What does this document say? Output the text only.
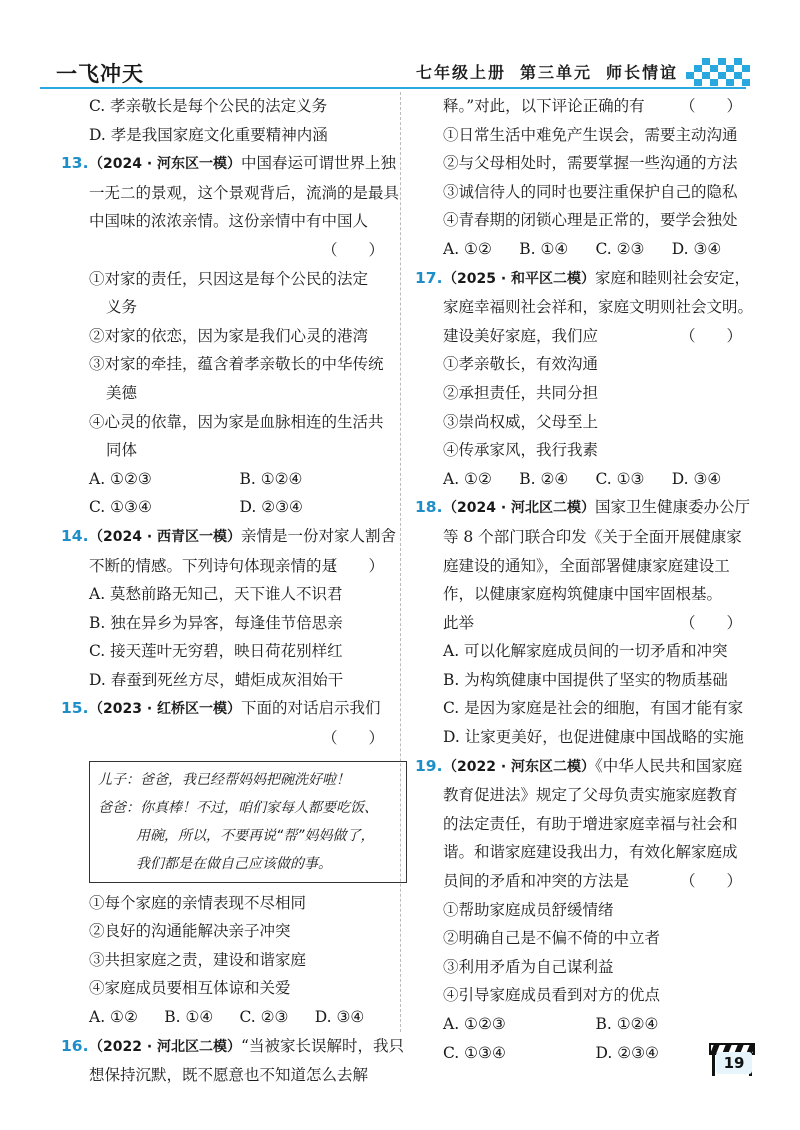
一飞冲天	七年级上册 第三单元 师长情谊
C. 孝亲敬长是每个公民的法定义务
D. 孝是我国家庭文化重要精神内涵
13.（2024 · 河东区一模）中国春运可谓世界上独
一无二的景观，这个景观背后，流淌的是最具
中国味的浓浓亲情。这份亲情中有中国人

（　　）
①对家的责任，只因这是每个公民的法定
义务
②对家的依恋，因为家是我们心灵的港湾
③对家的牵挂，蕴含着孝亲敬长的中华传统
美德
④心灵的依靠，因为家是血脉相连的生活共
同体
A. ①②③	B. ①②④
C. ①③④	D. ②③④
14.（2024 · 西青区一模）亲情是一份对家人割舍
不断的情感。下列诗句体现亲情的是
（　　）
A. 莫愁前路无知己，天下谁人不识君
B. 独在异乡为异客，每逢佳节倍思亲
C. 接天莲叶无穷碧，映日荷花别样红
D. 春蚕到死丝方尽，蜡炬成灰泪始干
15.（2023 · 红桥区一模）下面的对话启示我们

（　　）
儿子：爸爸，我已经帮妈妈把碗洗好啦！
爸爸：你真棒！不过，咱们家每人都要吃饭、
用碗，所以，不要再说“帮”妈妈做了，
我们都是在做自己应该做的事。
①每个家庭的亲情表现不尽相同
②良好的沟通能解决亲子冲突
③共担家庭之责，建设和谐家庭
④家庭成员要相互体谅和关爱
A. ①②	B. ①④	C. ②③	D. ③④
16.（2022 · 河北区二模）“当被家长误解时，我只
想保持沉默，既不愿意也不知道怎么去解
释。”对此，以下评论正确的有 （　　）
①日常生活中难免产生误会，需要主动沟通
②与父母相处时，需要掌握一些沟通的方法
③诚信待人的同时也要注重保护自己的隐私
④青春期的闭锁心理是正常的，要学会独处
A. ①②	B. ①④	C. ②③	D. ③④
17.（2025 · 和平区二模）家庭和睦则社会安定，
家庭幸福则社会祥和，家庭文明则社会文明。
建设美好家庭，我们应	（　　）
①孝亲敬长，有效沟通
②承担责任，共同分担
③崇尚权威，父母至上
④传承家风，我行我素
A. ①②	B. ②④	C. ①③	D. ③④
18.（2024 · 河北区二模）国家卫生健康委办公厅
等 8 个部门联合印发《关于全面开展健康家
庭建设的通知》，全面部署健康家庭建设工
作，以健康家庭构筑健康中国牢固根基。
此举	（　　）
A. 可以化解家庭成员间的一切矛盾和冲突
B. 为构筑健康中国提供了坚实的物质基础
C. 是因为家庭是社会的细胞，有国才能有家
D. 让家更美好，也促进健康中国战略的实施
19.（2022 · 河东区二模）《中华人民共和国家庭
教育促进法》规定了父母负责实施家庭教育
的法定责任，有助于增进家庭幸福与社会和
谐。和谐家庭建设我出力，有效化解家庭成
员间的矛盾和冲突的方法是	（　　）
①帮助家庭成员舒缓情绪
②明确自己是不偏不倚的中立者
③利用矛盾为自己谋利益
④引导家庭成员看到对方的优点
A. ①②③	B. ①②④
C. ①③④	D. ②③④
19
